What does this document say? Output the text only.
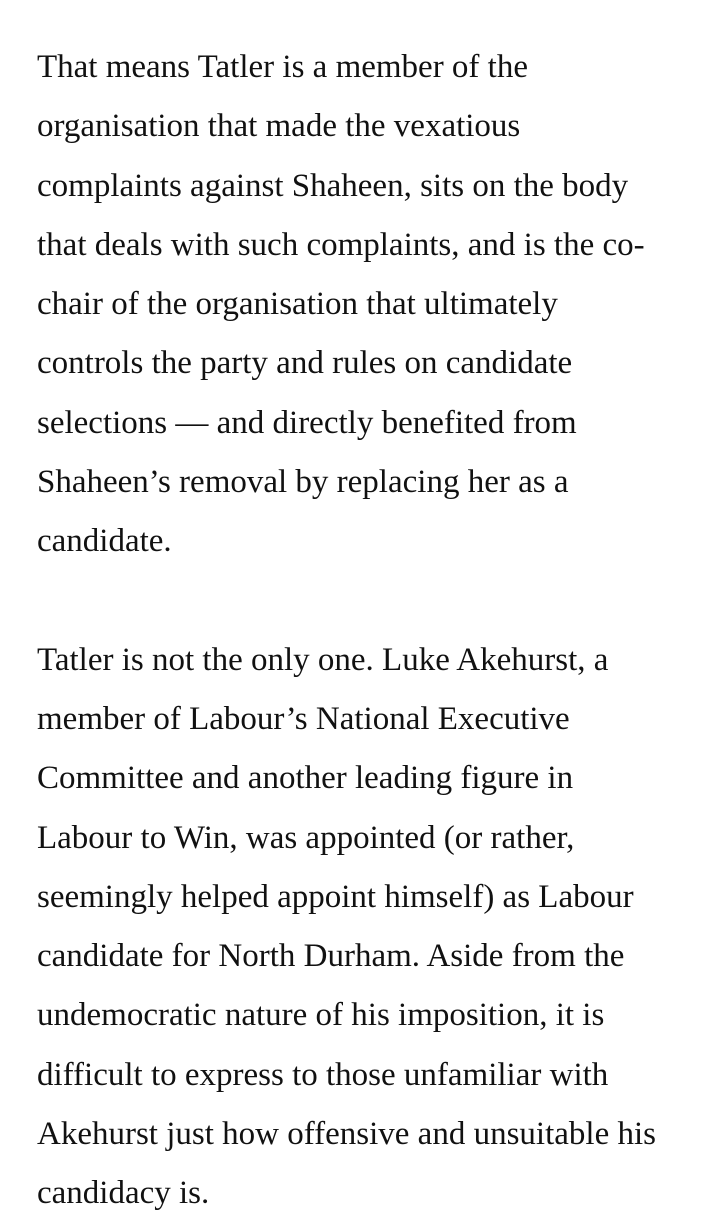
That means Tatler is a member of the
organisation that made the vexatious
complaints against Shaheen, sits on the body
that deals with such complaints, and is the co-
chair of the organisation that ultimately
controls the party and rules on candidate
selections — and directly benefited from
Shaheen’s removal by replacing her as a
candidate.

Tatler is not the only one. Luke Akehurst, a
member of Labour’s National Executive
Committee and another leading figure in
Labour to Win, was appointed (or rather,
seemingly helped appoint himself) as Labour
candidate for North Durham. Aside from the
undemocratic nature of his imposition, it is
difficult to express to those unfamiliar with
Akehurst just how offensive and unsuitable his
candidacy is.
